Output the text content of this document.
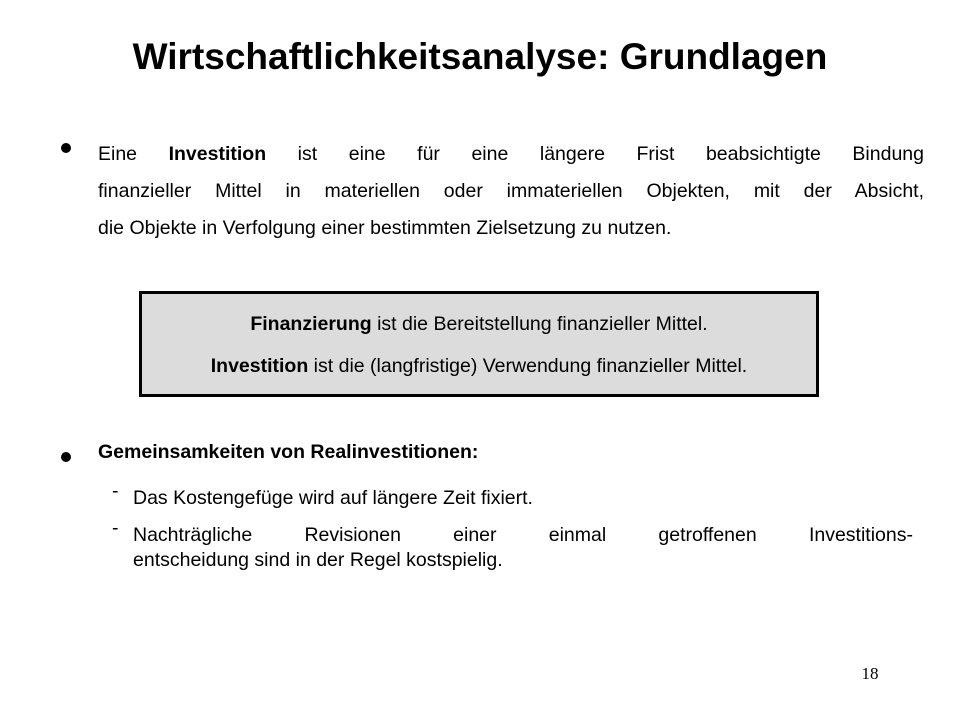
Wirtschaftlichkeitsanalyse: Grundlagen

Eine Investition ist eine für eine längere Frist beabsichtigte Bindung
finanzieller Mittel in materiellen oder immateriellen Objekten, mit der Absicht,
die Objekte in Verfolgung einer bestimmten Zielsetzung zu nutzen.

Finanzierung ist die Bereitstellung finanzieller Mittel.
Investition ist die (langfristige) Verwendung finanzieller Mittel.
Gemeinsamkeiten von Realinvestitionen:
- Das Kostengefüge wird auf längere Zeit fixiert.
- Nachträgliche Revisionen einer einmal getroffenen Investitions-
entscheidung sind in der Regel kostspielig.
18
